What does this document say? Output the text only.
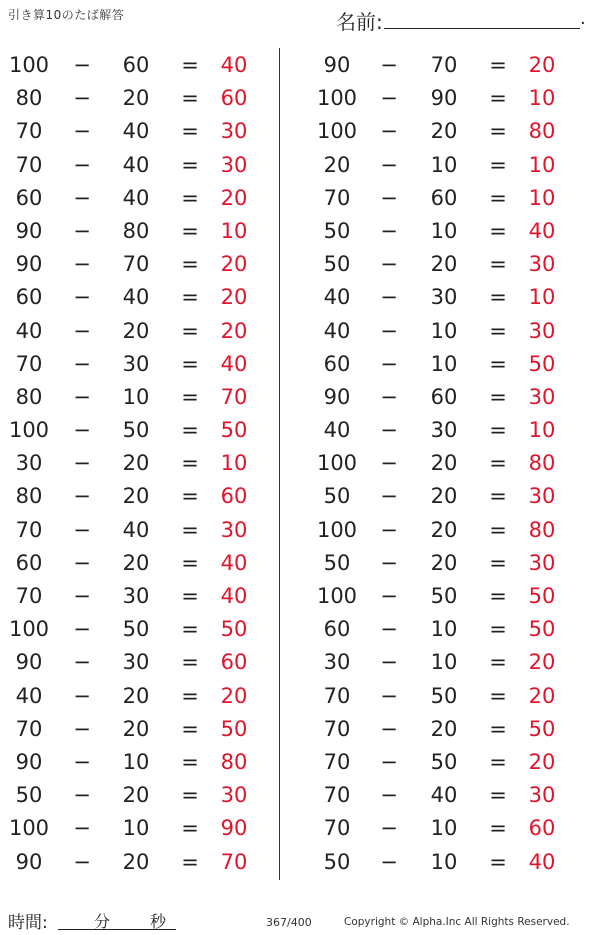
引き算10のたば解答	名前:	.
100	−	60	=	40
80	−	20	=	60
70	−	40	=	30
70	−	40	=	30
60	−	40	=	20
90	−	80	=	10
90	−	70	=	20
60	−	40	=	20
40	−	20	=	20
70	−	30	=	40
80	−	10	=	70
100	−	50	=	50
30	−	20	=	10
80	−	20	=	60
70	−	40	=	30
60	−	20	=	40
70	−	30	=	40
100	−	50	=	50
90	−	30	=	60
40	−	20	=	20
70	−	20	=	50
90	−	10	=	80
50	−	20	=	30
100	−	10	=	90
90	−	20	=	70
90	−	70	=	20
100	−	90	=	10
100	−	20	=	80
20	−	10	=	10
70	−	60	=	10
50	−	10	=	40
50	−	20	=	30
40	−	30	=	10
40	−	10	=	30
60	−	10	=	50
90	−	60	=	30
40	−	30	=	10
100	−	20	=	80
50	−	20	=	30
100	−	20	=	80
50	−	20	=	30
100	−	50	=	50
60	−	10	=	50
30	−	10	=	20
70	−	50	=	20
70	−	20	=	50
70	−	50	=	20
70	−	40	=	30
70	−	10	=	60
50	−	10	=	40
時間:	分 秒	367/400	Copyright © Alpha.Inc All Rights Reserved.
